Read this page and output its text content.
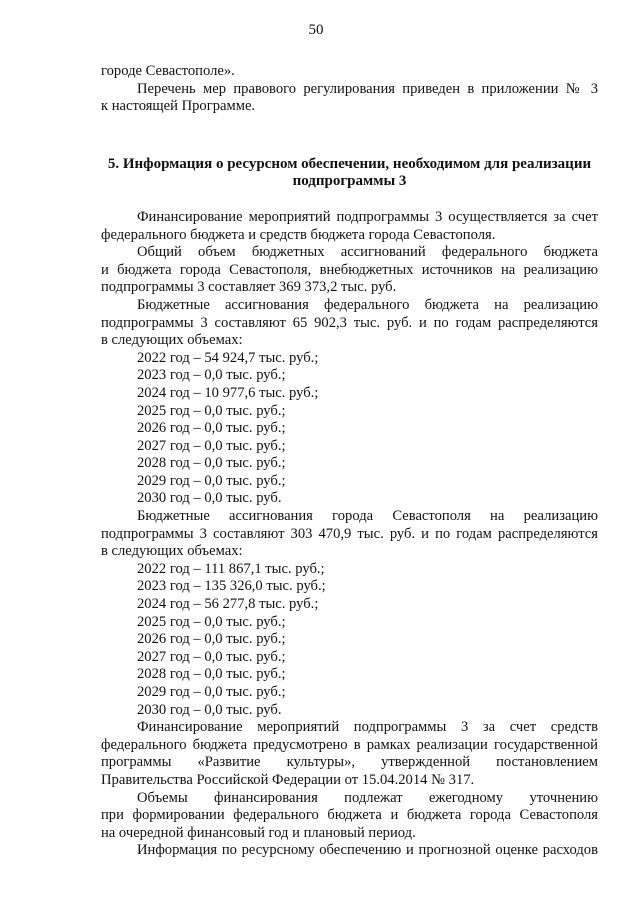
50

городе Севастополе».

Перечень мер правового регулирования приведен в приложении № 3

к настоящей Программе.

5. Информация о ресурсном обеспечении, необходимом для реализации
подпрограммы 3

Финансирование мероприятий подпрограммы 3 осуществляется за счет

федерального бюджета и средств бюджета города Севастополя.

Общий объем бюджетных ассигнований федерального бюджета

и бюджета города Севастополя, внебюджетных источников на реализацию

подпрограммы 3 составляет 369 373,2 тыс. руб.

Бюджетные ассигнования федерального бюджета на реализацию

подпрограммы 3 составляют 65 902,3 тыс. руб. и по годам распределяются

в следующих объемах:

2022 год – 54 924,7 тыс. руб.;
2023 год – 0,0 тыс. руб.;
2024 год – 10 977,6 тыс. руб.;
2025 год – 0,0 тыс. руб.;
2026 год – 0,0 тыс. руб.;
2027 год – 0,0 тыс. руб.;
2028 год – 0,0 тыс. руб.;
2029 год – 0,0 тыс. руб.;
2030 год – 0,0 тыс. руб.

Бюджетные ассигнования города Севастополя на реализацию

подпрограммы 3 составляют 303 470,9 тыс. руб. и по годам распределяются

в следующих объемах:

2022 год – 111 867,1 тыс. руб.;
2023 год – 135 326,0 тыс. руб.;
2024 год – 56 277,8 тыс. руб.;
2025 год – 0,0 тыс. руб.;
2026 год – 0,0 тыс. руб.;
2027 год – 0,0 тыс. руб.;
2028 год – 0,0 тыс. руб.;
2029 год – 0,0 тыс. руб.;
2030 год – 0,0 тыс. руб.

Финансирование мероприятий подпрограммы 3 за счет средств

федерального бюджета предусмотрено в рамках реализации государственной

программы «Развитие культуры», утвержденной постановлением

Правительства Российской Федерации от 15.04.2014 № 317.

Объемы финансирования подлежат ежегодному уточнению

при формировании федерального бюджета и бюджета города Севастополя

на очередной финансовый год и плановый период.

Информация по ресурсному обеспечению и прогнозной оценке расходов
